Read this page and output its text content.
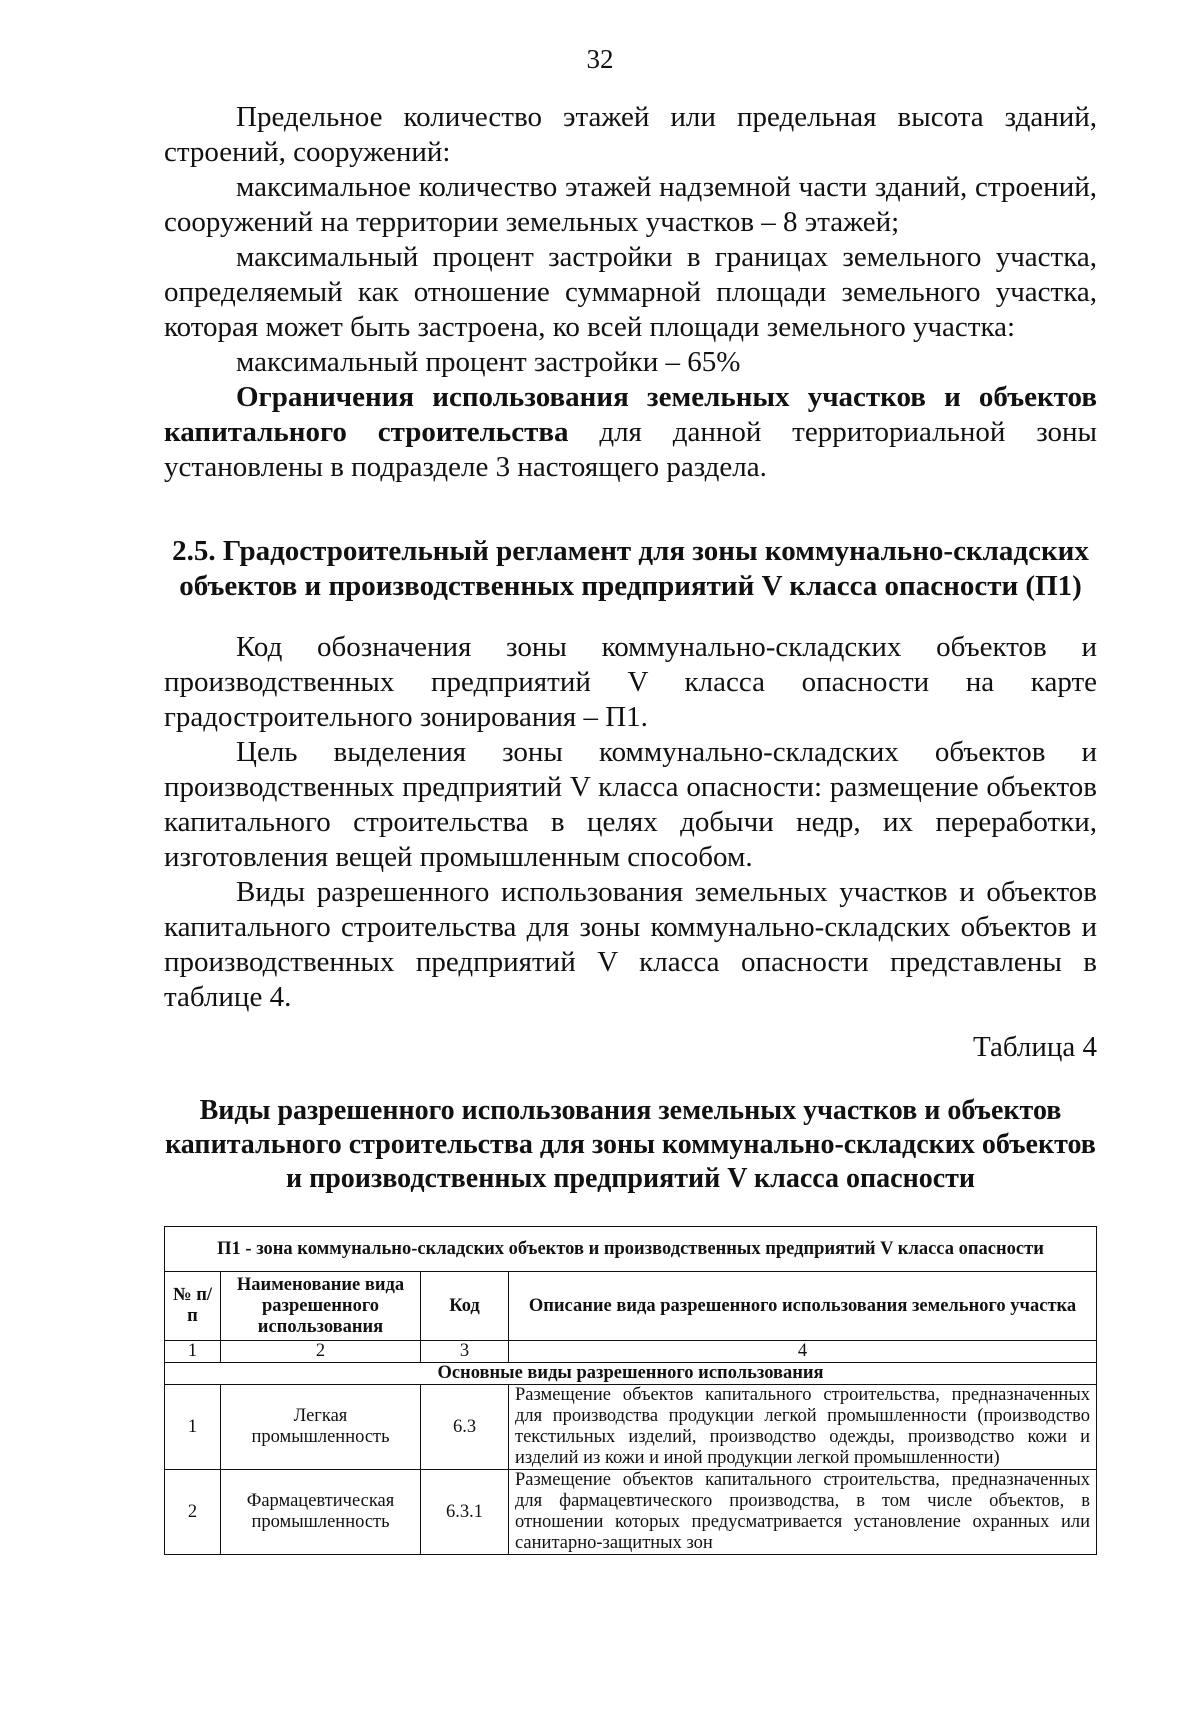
32

Предельное количество этажей или предельная высота зданий, строений, сооружений:

максимальное количество этажей надземной части зданий, строений, сооружений на территории земельных участков – 8 этажей;

максимальный процент застройки в границах земельного участка, определяемый как отношение суммарной площади земельного участка, которая может быть застроена, ко всей площади земельного участка:

максимальный процент застройки – 65%

Ограничения использования земельных участков и объектов капитального строительства для данной территориальной зоны установлены в подразделе 3 настоящего раздела.

2.5. Градостроительный регламент для зоны коммунально-складских объектов и производственных предприятий V класса опасности (П1)

Код обозначения зоны коммунально-складских объектов и производственных предприятий V класса опасности на карте градостроительного зонирования – П1.

Цель выделения зоны коммунально-складских объектов и производственных предприятий V класса опасности: размещение объектов капитального строительства в целях добычи недр, их переработки, изготовления вещей промышленным способом.

Виды разрешенного использования земельных участков и объектов капитального строительства для зоны коммунально-складских объектов и производственных предприятий V класса опасности представлены в таблице 4.

Таблица 4
Виды разрешенного использования земельных участков и объектов капитального строительства для зоны коммунально-складских объектов и производственных предприятий V класса опасности
П1 - зона коммунально-складских объектов и производственных предприятий V класса опасности			
№ п/п	Наименование вида разрешенного использования	Код	Описание вида разрешенного использования земельного участка
1	2	3	4
Основные виды разрешенного использования			
1	Легкая промышленность	6.3	Размещение объектов капитального строительства, предназначенных для производства продукции легкой промышленности (производство текстильных изделий, производство одежды, производство кожи и изделий из кожи и иной продукции легкой промышленности)
2	Фармацевтическая промышленность	6.3.1	Размещение объектов капитального строительства, предназначенных для фармацевтического производства, в том числе объектов, в отношении которых предусматривается установление охранных или санитарно-защитных зон
